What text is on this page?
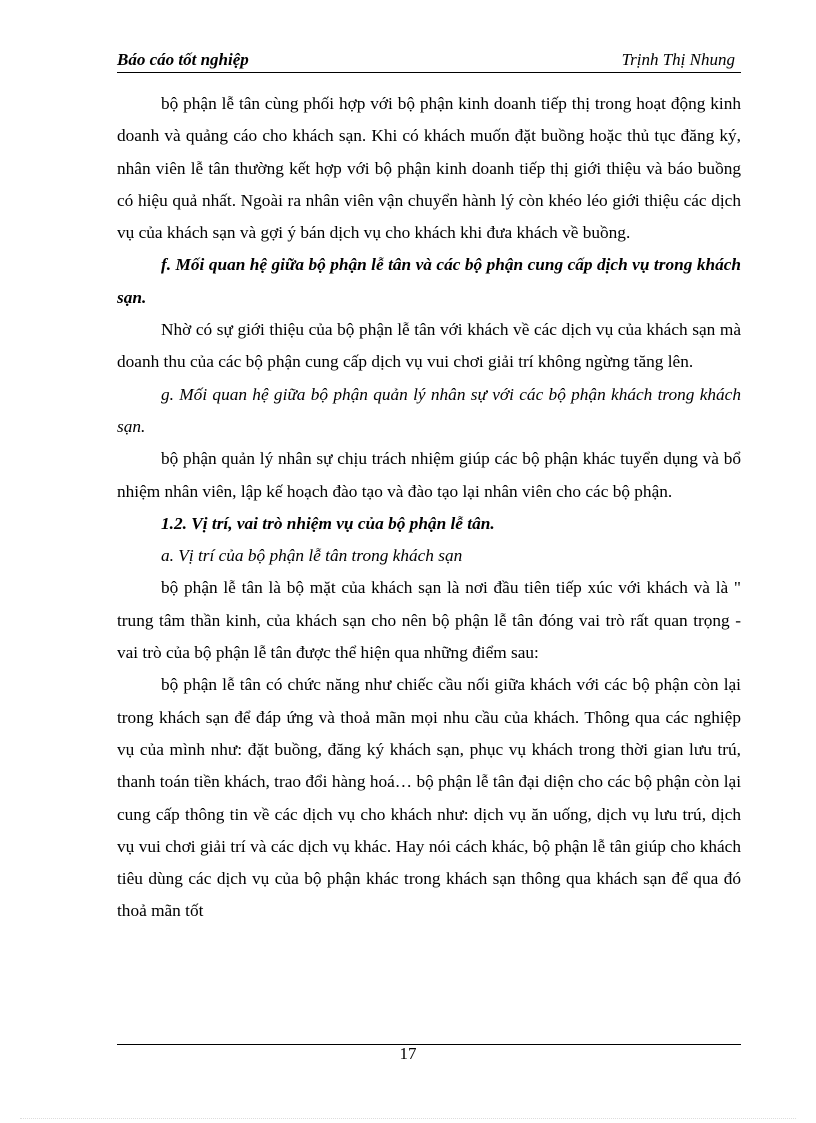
Báo cáo tốt nghiệp	Trịnh Thị Nhung

bộ phận lễ tân cùng phối hợp với bộ phận kinh doanh tiếp thị trong hoạt động kinh doanh và quảng cáo cho khách sạn. Khi có khách muốn đặt buồng hoặc thủ tục đăng ký, nhân viên lễ tân thường kết hợp với bộ phận kinh doanh tiếp thị giới thiệu và báo buồng có hiệu quả nhất. Ngoài ra nhân viên vận chuyển hành lý còn khéo léo giới thiệu các dịch vụ của khách sạn và gợi ý bán dịch vụ cho khách khi đưa khách về buồng.

f. Mối quan hệ giữa bộ phận lễ tân và các bộ phận cung cấp dịch vụ trong khách sạn.

Nhờ có sự giới thiệu của bộ phận lễ tân với khách về các dịch vụ của khách sạn mà doanh thu của các bộ phận cung cấp dịch vụ vui chơi giải trí không ngừng tăng lên.

g. Mối quan hệ giữa bộ phận quản lý nhân sự với các bộ phận khách trong khách sạn.

bộ phận quản lý nhân sự chịu trách nhiệm giúp các bộ phận khác tuyển dụng và bổ nhiệm nhân viên, lập kế hoạch đào tạo và đào tạo lại nhân viên cho các bộ phận.

1.2. Vị trí, vai trò nhiệm vụ của bộ phận lễ tân.

a. Vị trí của bộ phận lễ tân trong khách sạn

bộ phận lễ tân là bộ mặt của khách sạn là nơi đầu tiên tiếp xúc với khách và là " trung tâm thần kinh, của khách sạn cho nên bộ phận lễ tân đóng vai trò rất quan trọng - vai trò của bộ phận lễ tân được thể hiện qua những điểm sau:

bộ phận lễ tân có chức năng như chiếc cầu nối giữa khách với các bộ phận còn lại trong khách sạn để đáp ứng và thoả mãn mọi nhu cầu của khách. Thông qua các nghiệp vụ của mình như: đặt buồng, đăng ký khách sạn, phục vụ khách trong thời gian lưu trú, thanh toán tiền khách, trao đổi hàng hoá… bộ phận lễ tân đại diện cho các bộ phận còn lại cung cấp thông tin về các dịch vụ cho khách như: dịch vụ ăn uống, dịch vụ lưu trú, dịch vụ vui chơi giải trí và các dịch vụ khác. Hay nói cách khác, bộ phận lễ tân giúp cho khách tiêu dùng các dịch vụ của bộ phận khác trong khách sạn thông qua khách sạn để qua đó thoả mãn tốt

17
